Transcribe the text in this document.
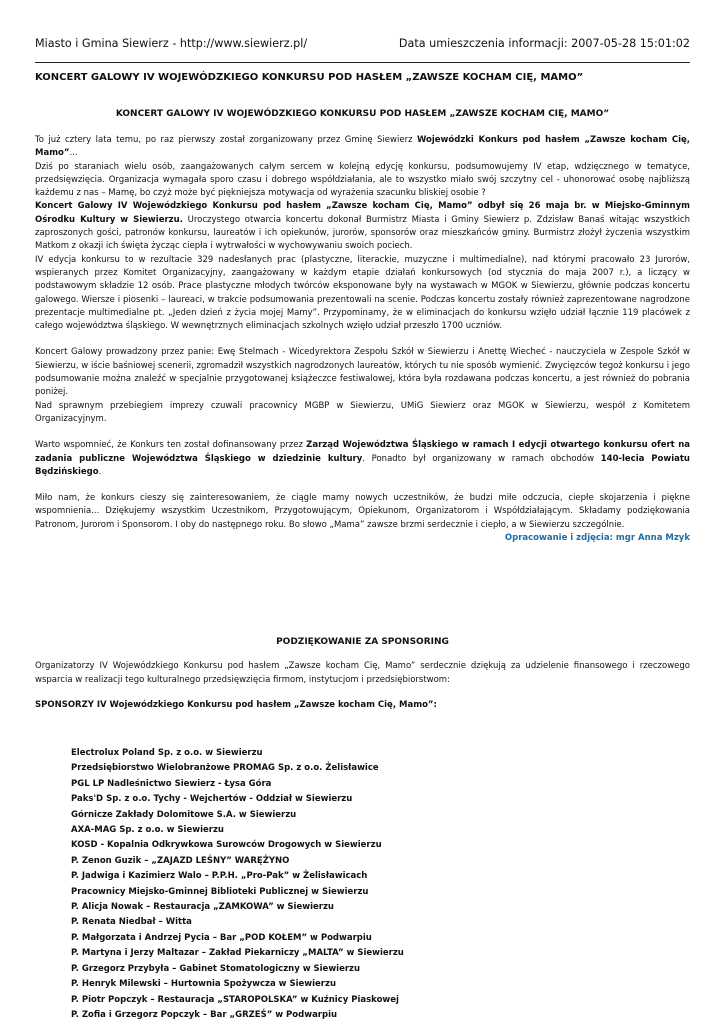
Miasto i Gmina Siewierz - http://www.siewierz.pl/	Data umieszczenia informacji: 2007-05-28 15:01:02
KONCERT GALOWY IV WOJEWÓDZKIEGO KONKURSU POD HASŁEM „ZAWSZE KOCHAM CIĘ, MAMO”
KONCERT GALOWY IV WOJEWÓDZKIEGO KONKURSU POD HASŁEM „ZAWSZE KOCHAM CIĘ, MAMO”

To już cztery lata temu, po raz pierwszy został zorganizowany przez Gminę Siewierz Wojewódzki Konkurs pod hasłem „Zawsze kocham Cię, Mamo”...

Dziś po staraniach wielu osób, zaangażowanych całym sercem w kolejną edycję konkursu, podsumowujemy IV etap, wdzięcznego w tematyce, przedsięwzięcia. Organizacja wymagała sporo czasu i dobrego współdziałania, ale to wszystko miało swój szczytny cel - uhonorować osobę najbliższą każdemu z nas – Mamę, bo czyż może być piękniejsza motywacja od wyrażenia szacunku bliskiej osobie ?

Koncert Galowy IV Wojewódzkiego Konkursu pod hasłem „Zawsze kocham Cię, Mamo” odbył się 26 maja br. w Miejsko-Gminnym Ośrodku Kultury w Siewierzu. Uroczystego otwarcia koncertu dokonał Burmistrz Miasta i Gminy Siewierz p. Zdzisław Banaś witając wszystkich zaproszonych gości, patronów konkursu, laureatów i ich opiekunów, jurorów, sponsorów oraz mieszkańców gminy. Burmistrz złożył życzenia wszystkim Matkom z okazji ich święta życząc ciepła i wytrwałości w wychowywaniu swoich pociech.

IV edycja konkursu to w rezultacie 329 nadesłanych prac (plastyczne, literackie, muzyczne i multimedialne), nad którymi pracowało 23 Jurorów, wspieranych przez Komitet Organizacyjny, zaangażowany w każdym etapie działań konkursowych (od stycznia do maja 2007 r.), a liczący w podstawowym składzie 12 osób. Prace plastyczne młodych twórców eksponowane były na wystawach w MGOK w Siewierzu, głównie podczas koncertu galowego. Wiersze i piosenki – laureaci, w trakcie podsumowania prezentowali na scenie. Podczas koncertu zostały również zaprezentowane nagrodzone prezentacje multimedialne pt. „Jeden dzień z życia mojej Mamy”. Przypominamy, że w eliminacjach do konkursu wzięło udział łącznie 119 placówek z całego województwa śląskiego. W wewnętrznych eliminacjach szkolnych wzięło udział przeszło 1700 uczniów.

Koncert Galowy prowadzony przez panie: Ewę Stelmach - Wicedyrektora Zespołu Szkół w Siewierzu i Anettę Wiecheć - nauczyciela w Zespole Szkół w Siewierzu, w iście baśniowej scenerii, zgromadził wszystkich nagrodzonych laureatów, których tu nie sposób wymienić. Zwycięzców tegoż konkursu i jego podsumowanie można znaleźć w specjalnie przygotowanej książeczce festiwalowej, która była rozdawana podczas koncertu, a jest również do pobrania poniżej.

Nad sprawnym przebiegiem imprezy czuwali pracownicy MGBP w Siewierzu, UMiG Siewierz oraz MGOK w Siewierzu, wespół z Komitetem Organizacyjnym.

Warto wspomnieć, że Konkurs ten został dofinansowany przez Zarząd Województwa Śląskiego w ramach I edycji otwartego konkursu ofert na zadania publiczne Województwa Śląskiego w dziedzinie kultury. Ponadto był organizowany w ramach obchodów 140-lecia Powiatu Będzińskiego.

Miło nam, że konkurs cieszy się zainteresowaniem, że ciągle mamy nowych uczestników, że budzi miłe odczucia, ciepłe skojarzenia i piękne wspomnienia... Dziękujemy wszystkim Uczestnikom, Przygotowującym, Opiekunom, Organizatorom i Współdziałającym. Składamy podziękowania Patronom, Jurorom i Sponsorom. I oby do następnego roku. Bo słowo „Mama” zawsze brzmi serdecznie i ciepło, a w Siewierzu szczególnie.

Opracowanie i zdjęcia: mgr Anna Mzyk

PODZIĘKOWANIE ZA SPONSORING
Organizatorzy IV Wojewódzkiego Konkursu pod hasłem „Zawsze kocham Cię, Mamo” serdecznie dziękują za udzielenie finansowego i rzeczowego wsparcia w realizacji tego kulturalnego przedsięwzięcia firmom, instytucjom i przedsiębiorstwom:
SPONSORZY IV Wojewódzkiego Konkursu pod hasłem „Zawsze kocham Cię, Mamo”:
Electrolux Poland Sp. z o.o. w Siewierzu
Przedsiębiorstwo Wielobranżowe PROMAG Sp. z o.o. Żelisławice
PGL LP Nadleśnictwo Siewierz - Łysa Góra
Paks'D Sp. z o.o. Tychy - Wejchertów - Oddział w Siewierzu
Górnicze Zakłady Dolomitowe S.A. w Siewierzu
AXA-MAG Sp. z o.o. w Siewierzu
KOSD - Kopalnia Odkrywkowa Surowców Drogowych w Siewierzu
P. Zenon Guzik – „ZAJAZD LEŚNY” WARĘŻYNO
P. Jadwiga i Kazimierz Walo – P.P.H. „Pro-Pak” w Żelisławicach
Pracownicy Miejsko-Gminnej Biblioteki Publicznej w Siewierzu
P. Alicja Nowak – Restauracja „ZAMKOWA” w Siewierzu
P. Renata Niedbał – Witta
P. Małgorzata i Andrzej Pycia – Bar „POD KOŁEM” w Podwarpiu
P. Martyna i Jerzy Maltazar – Zakład Piekarniczy „MALTA” w Siewierzu
P. Grzegorz Przybyła – Gabinet Stomatologiczny w Siewierzu
P. Henryk Milewski – Hurtownia Spożywcza w Siewierzu
P. Piotr Popczyk – Restauracja „STAROPOLSKA” w Kuźnicy Piaskowej
P. Zofia i Grzegorz Popczyk – Bar „GRZEŚ” w Podwarpiu
